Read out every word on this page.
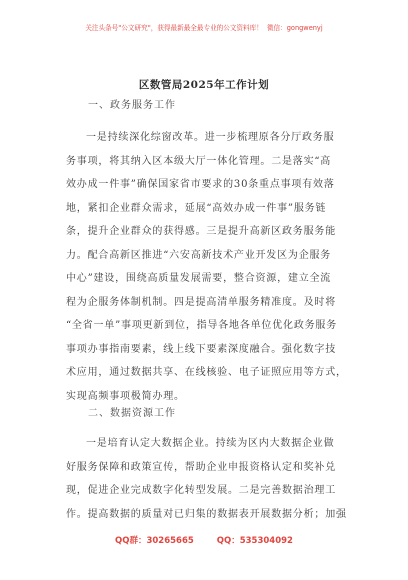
关注头条号"公文研究"，获得最新最全最专业的公文资料库！ 微信：gongwenyj
区数管局2025年工作计划
一、政务服务工作
一是持续深化综窗改革。进一步梳理原各分厅政务服
务事项，将其纳入区本级大厅一体化管理。二是落实“高
效办成一件事”确保国家省市要求的30条重点事项有效落
地，紧扣企业群众需求，延展“高效办成一件事”服务链
条，提升企业群众的获得感。三是提升高新区政务服务能
力。配合高新区推进“六安高新技术产业开发区为企服务
中心”建设，围绕高质量发展需要，整合资源，建立全流
程为企服务体制机制。四是提高清单服务精准度。及时将
“全省一单”事项更新到位，指导各地各单位优化政务服务
事项办事指南要素，线上线下要素深度融合。强化数字技
术应用，通过数据共享、在线核验、电子证照应用等方式，
实现高频事项极简办理。
二、数据资源工作
一是培育认定大数据企业。持续为区内大数据企业做
好服务保障和政策宣传，帮助企业申报资格认定和奖补兑
现，促进企业完成数字化转型发展。二是完善数据治理工
作。提高数据的质量对已归集的数据表开展数据分析；加强
QQ群：30265665	QQ：535304092
